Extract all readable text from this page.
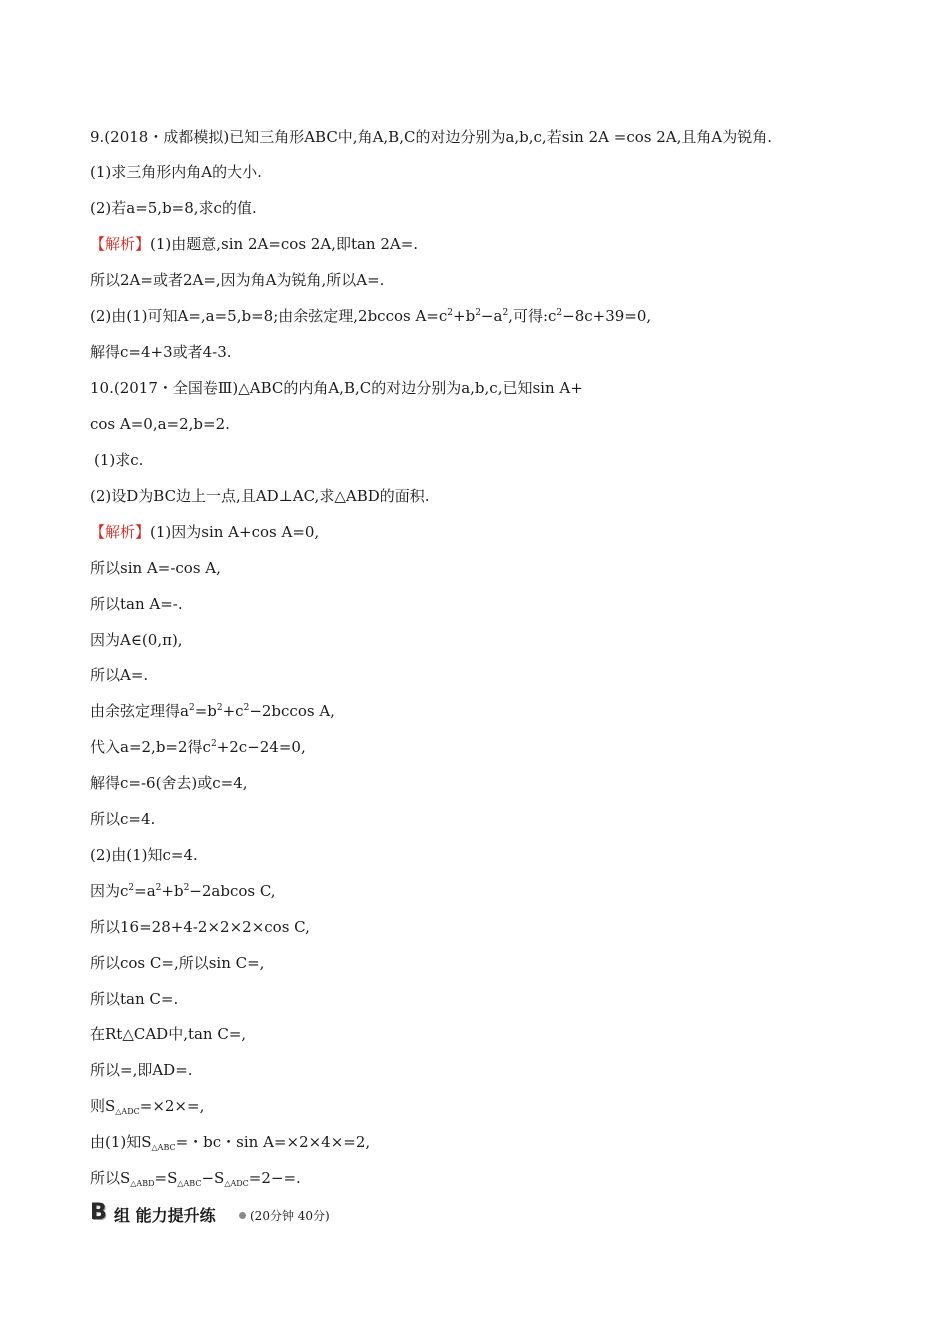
9.(2018・成都模拟)已知三角形ABC中,角A,B,C的对边分别为a,b,c,若sin 2A =cos 2A,且角A为锐角.
(1)求三角形内角A的大小.
(2)若a=5,b=8,求c的值.
【解析】(1)由题意,sin 2A=cos 2A,即tan 2A=.
所以2A=或者2A=,因为角A为锐角,所以A=.
(2)由(1)可知A=,a=5,b=8;由余弦定理,2bccos $A=c^2+b^2-a^2$,可得$:c^2-8c+39=0$,
解得c=4+3或者4-3.
10.(2017・全国卷Ⅲ)△ABC的内角A,B,C的对边分别为a,b,c,已知sin A+
cos A=0,a=2,b=2.
(1)求c.
(2)设D为BC边上一点,且AD⊥AC,求△ABD的面积.
【解析】(1)因为sin A+cos A=0,
所以sin A=-cos A,
所以tan A=-.
因为A∈(0,π),
所以A=.
由余弦定理得$a^2=b^2+c^2-2bccos$ A,
代入a=2,b=2得$c^2+2c-24=0$,
解得c=-6(舍去)或c=4,
所以c=4.
(2)由(1)知c=4.
因为$c^2=a^2+b^2-2abcos$ C,
所以16=28+4-2×2×2×cos C,
所以cos C=,所以sin C=,
所以tan C=.
在Rt△CAD中,tan C=,
所以=,即AD=.
则$S_{\triangle ADC}=\times 2\times=$,
由(1)知$S_{\triangle ABC}=$・bc・sin A=×2×4×=2,
所以$S_{\triangle ABD}=S_{\triangle ABC}-S_{\triangle ADC}=2-=$.
B 组 能力提升练	(20分钟 40分)
